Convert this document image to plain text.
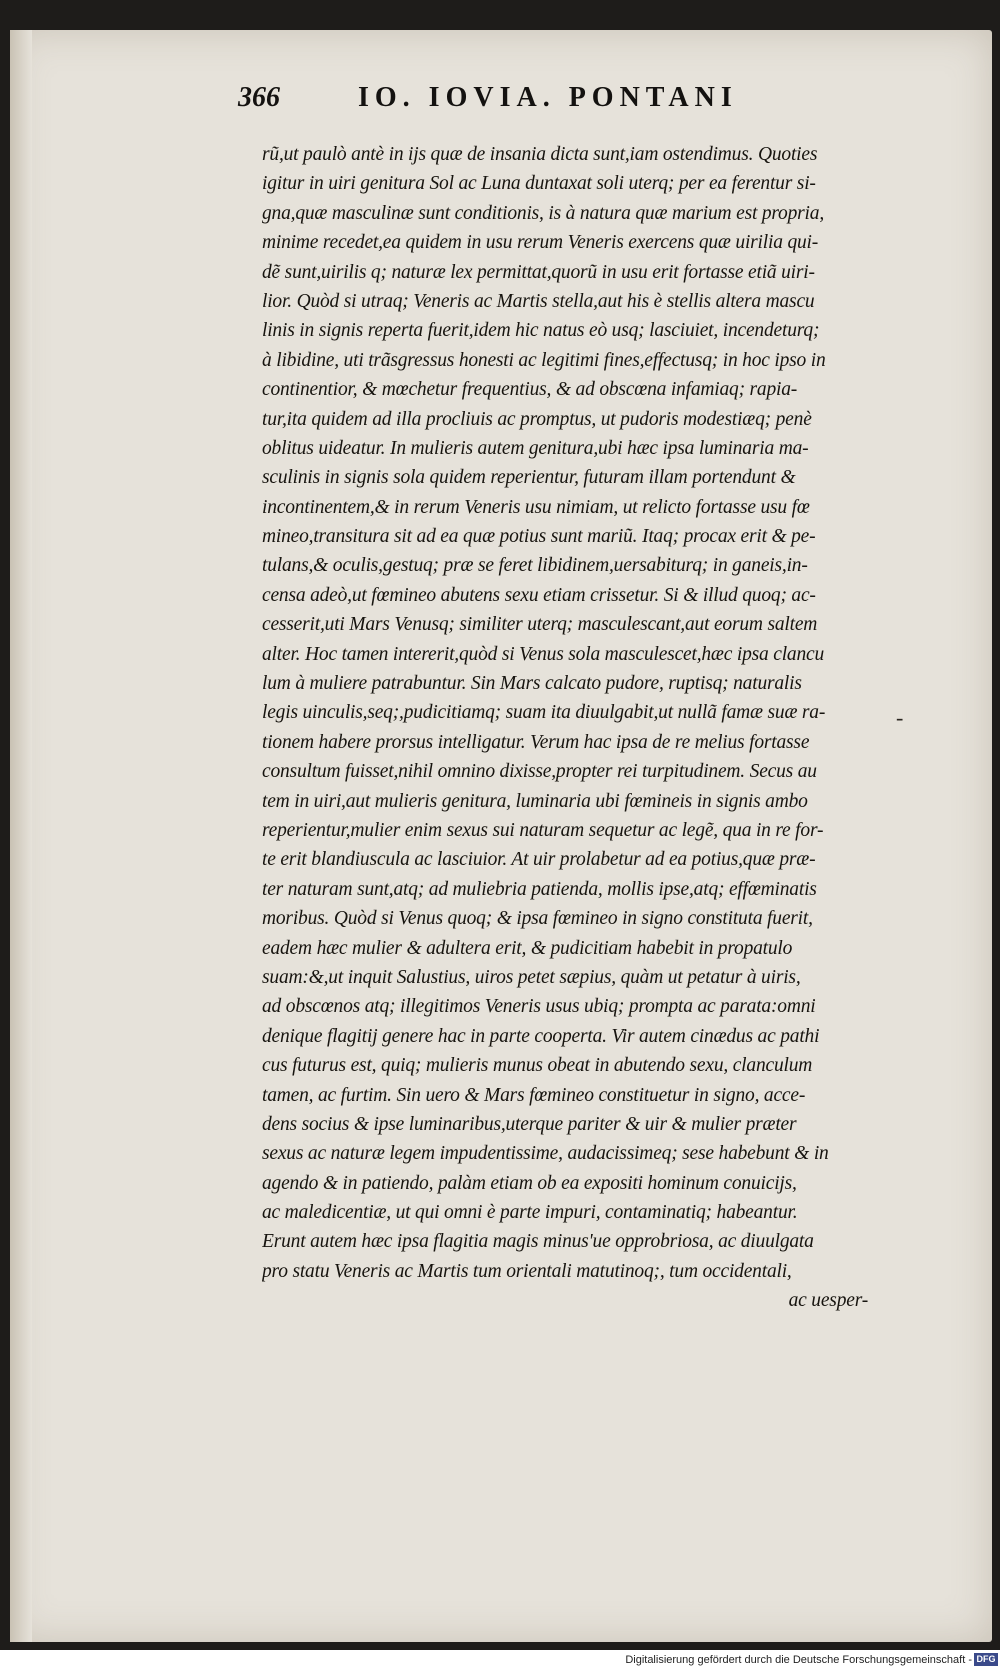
366	IO. IOVIA. PONTANI
rũ,ut paulò antè in ijs quæ de insania dicta sunt,iam ostendimus. Quoties
igitur in uiri genitura Sol ac Luna duntaxat soli uterq; per ea ferentur si-
gna,quæ masculinæ sunt conditionis, is à natura quæ marium est propria,
minime recedet,ea quidem in usu rerum Veneris exercens quæ uirilia qui-
dẽ sunt,uirilis q; naturæ lex permittat,quorũ in usu erit fortasse etiã uiri-
lior. Quòd si utraq; Veneris ac Martis stella,aut his è stellis altera mascu
linis in signis reperta fuerit,idem hic natus eò usq; lasciuiet, incendeturq;
à libidine, uti trãsgressus honesti ac legitimi fines,effectusq; in hoc ipso in
continentior, & mœchetur frequentius, & ad obscœna infamiaq; rapia-
tur,ita quidem ad illa procliuis ac promptus, ut pudoris modestiæq; penè
oblitus uideatur. In mulieris autem genitura,ubi hæc ipsa luminaria ma-
sculinis in signis sola quidem reperientur, futuram illam portendunt &
incontinentem,& in rerum Veneris usu nimiam, ut relicto fortasse usu fœ
mineo,transitura sit ad ea quæ potius sunt mariũ. Itaq; procax erit & pe-
tulans,& oculis,gestuq; præ se feret libidinem,uersabiturq; in ganeis,in-
censa adeò,ut fœmineo abutens sexu etiam crissetur. Si & illud quoq; ac-
cesserit,uti Mars Venusq; similiter uterq; masculescant,aut eorum saltem
alter. Hoc tamen intererit,quòd si Venus sola masculescet,hæc ipsa clancu
lum à muliere patrabuntur. Sin Mars calcato pudore, ruptisq; naturalis
legis uinculis,seq;,pudicitiamq; suam ita diuulgabit,ut nullã famæ suæ ra-
tionem habere prorsus intelligatur. Verum hac ipsa de re melius fortasse
consultum fuisset,nihil omnino dixisse,propter rei turpitudinem. Secus au
tem in uiri,aut mulieris genitura, luminaria ubi fœmineis in signis ambo
reperientur,mulier enim sexus sui naturam sequetur ac legẽ, qua in re for-
te erit blandiuscula ac lasciuior. At uir prolabetur ad ea potius,quæ præ-
ter naturam sunt,atq; ad muliebria patienda, mollis ipse,atq; effœminatis
moribus. Quòd si Venus quoq; & ipsa fœmineo in signo constituta fuerit,
eadem hæc mulier & adultera erit, & pudicitiam habebit in propatulo
suam:&,ut inquit Salustius, uiros petet sæpius, quàm ut petatur à uiris,
ad obscœnos atq; illegitimos Veneris usus ubiq; prompta ac parata:omni
denique flagitij genere hac in parte cooperta. Vir autem cinædus ac pathi
cus futurus est, quiq; mulieris munus obeat in abutendo sexu, clanculum
tamen, ac furtim. Sin uero & Mars fœmineo constituetur in signo, acce-
dens socius & ipse luminaribus,uterque pariter & uir & mulier præter
sexus ac naturæ legem impudentissime, audacissimeq; sese habebunt & in
agendo & in patiendo, palàm etiam ob ea expositi hominum conuicijs,
ac maledicentiæ, ut qui omni è parte impuri, contaminatiq; habeantur.
Erunt autem hæc ipsa flagitia magis minus'ue opprobriosa, ac diuulgata
pro statu Veneris ac Martis tum orientali matutinoq;, tum occidentali,
ac uesper-
-
Digitalisierung gefördert durch die Deutsche Forschungsgemeinschaft - DFG
